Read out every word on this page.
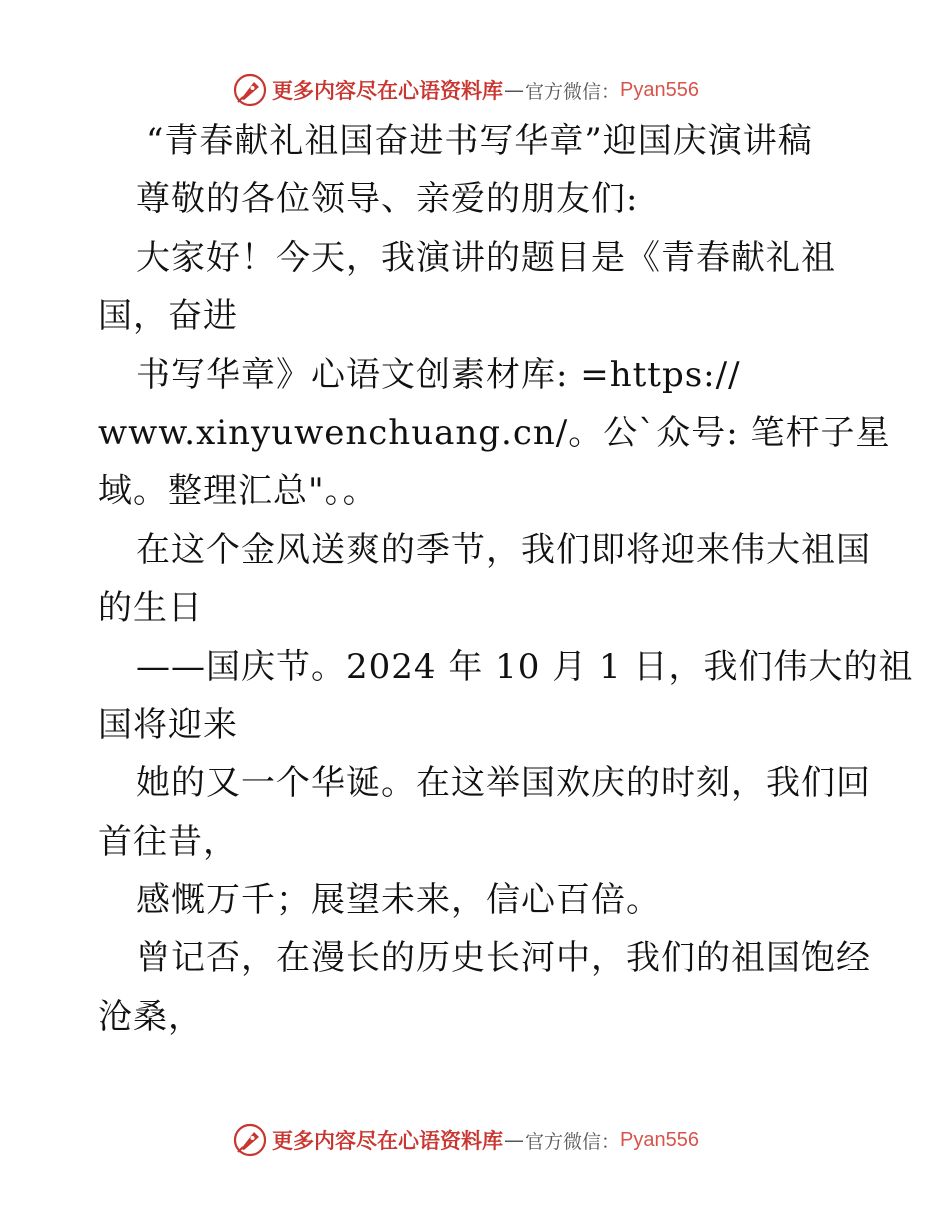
更多内容尽在心语资料库 — 官方微信： Pyan556
“青春献礼祖国奋进书写华章”迎国庆演讲稿
尊敬的各位领导、亲爱的朋友们:
大家好！今天，我演讲的题目是《青春献礼祖
国，奋进
书写华章》心语文创素材库: =https://
www.xinyuwenchuang.cn/。公`众号: 笔杆子星
域。整理汇总"。。
在这个金风送爽的季节，我们即将迎来伟大祖国
的生日
——国庆节。2024 年 10 月 1 日，我们伟大的祖
国将迎来
她的又一个华诞。在这举国欢庆的时刻，我们回
首往昔，
感慨万千；展望未来，信心百倍。
曾记否，在漫长的历史长河中，我们的祖国饱经
沧桑，
更多内容尽在心语资料库 — 官方微信： Pyan556
